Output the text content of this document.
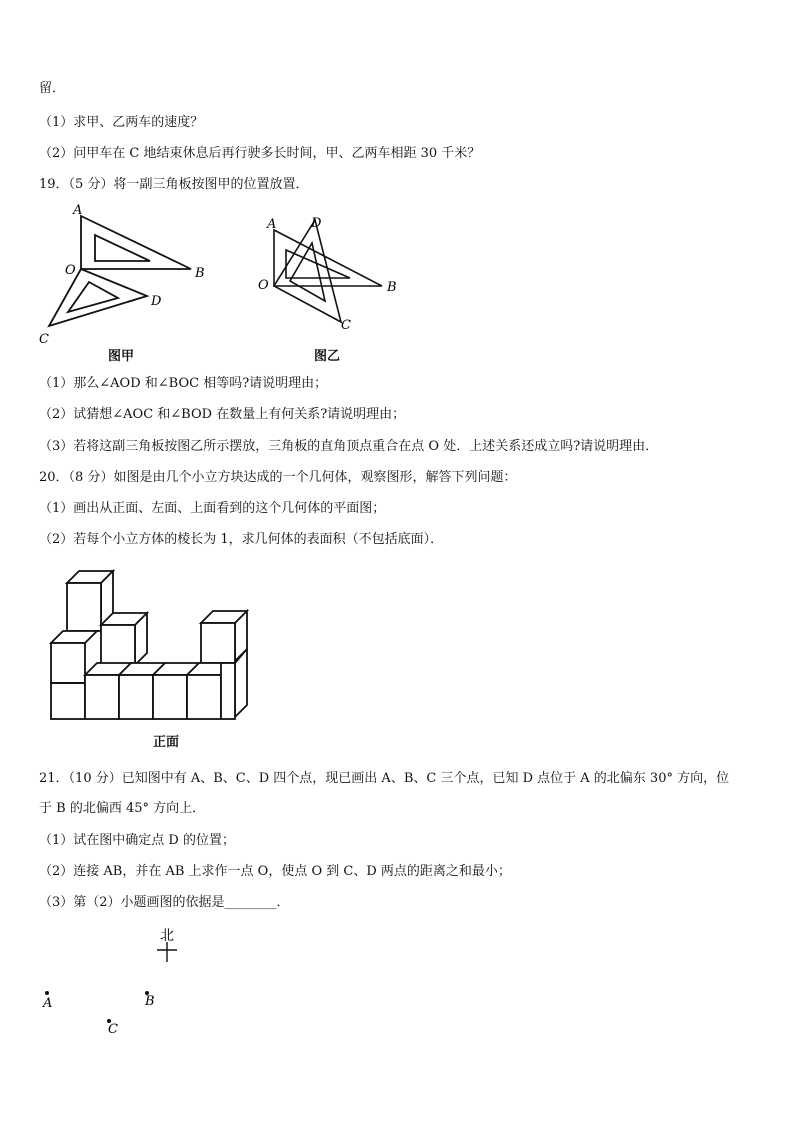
留．
（1）求甲、乙两车的速度？
（2）问甲车在 C 地结束休息后再行驶多长时间，甲、乙两车相距 30 千米？
19．（5 分）将一副三角板按图甲的位置放置．
A
O	B
D
C
图甲
A	D
O	B
C
图乙
（1）那么∠AOD 和∠BOC 相等吗?请说明理由；
（2）试猜想∠AOC 和∠BOD 在数量上有何关系?请说明理由；
（3）若将这副三角板按图乙所示摆放，三角板的直角顶点重合在点 O 处．上述关系还成立吗?请说明理由．
20．（8 分）如图是由几个小立方块达成的一个几何体，观察图形，解答下列问题：
（1）画出从正面、左面、上面看到的这个几何体的平面图；
（2）若每个小立方体的棱长为 1，求几何体的表面积（不包括底面）．
正面
21．（10 分）已知图中有 A、B、C、D 四个点，现已画出 A、B、C 三个点，已知 D 点位于 A 的北偏东 30° 方向，位
于 B 的北偏西 45° 方向上．
（1）试在图中确定点 D 的位置；
（2）连接 AB，并在 AB 上求作一点 O，使点 O 到 C、D 两点的距离之和最小；
（3）第（2）小题画图的依据是________．
北
A	B
C
